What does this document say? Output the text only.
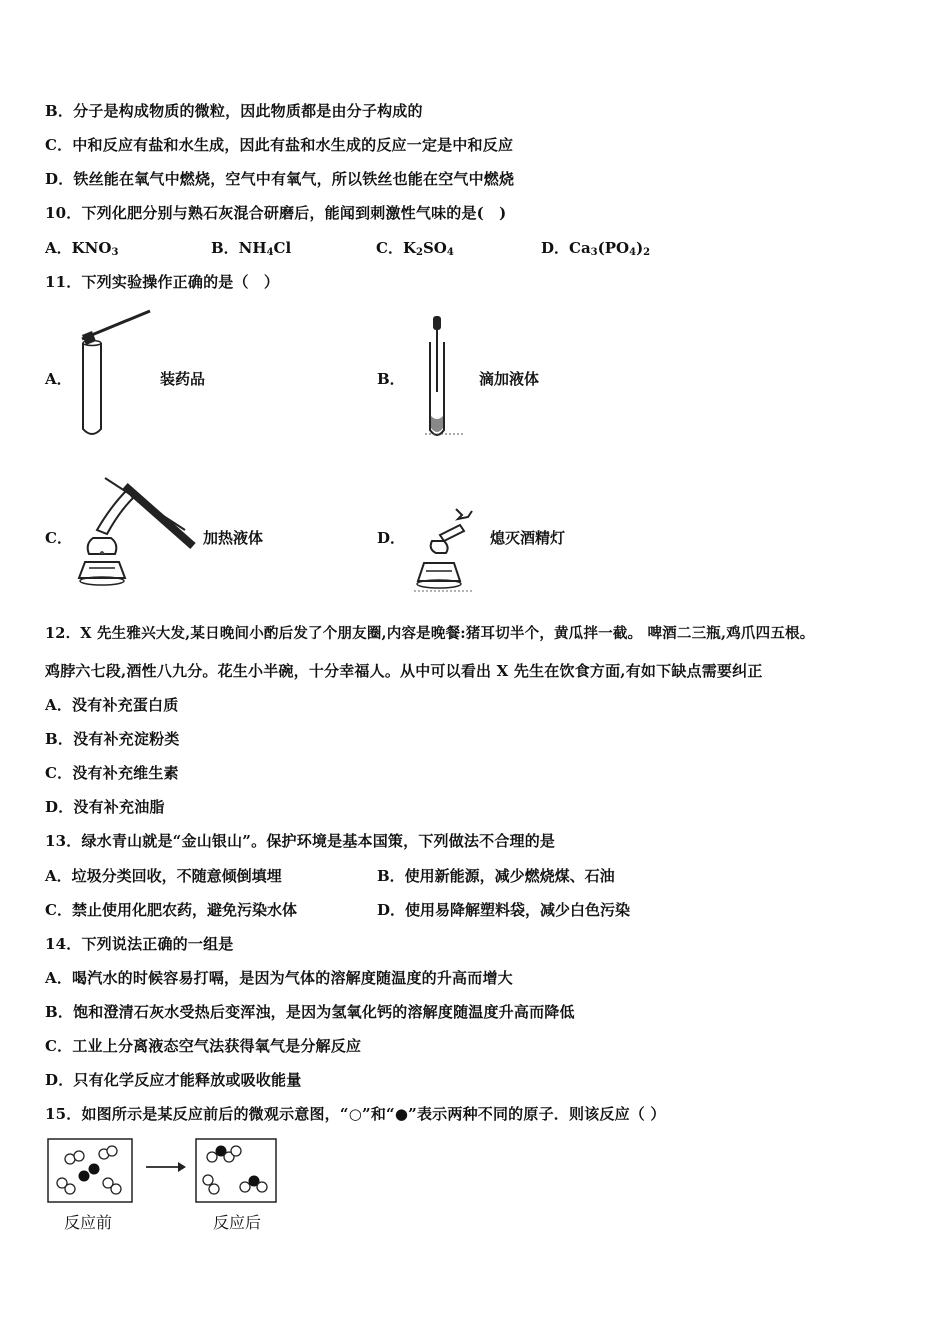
B．分子是构成物质的微粒，因此物质都是由分子构成的
C．中和反应有盐和水生成，因此有盐和水生成的反应一定是中和反应
D．铁丝能在氧气中燃烧，空气中有氧气，所以铁丝也能在空气中燃烧
10．下列化肥分别与熟石灰混合研磨后，能闻到刺激性气味的是(　)
A．$KNO_3$	B．$NH_4Cl$	C．$K_2SO_4$	D．$Ca_3(PO_4)_2$
11．下列实验操作正确的是（　）
A．	装药品	B．	滴加液体
C．	加热液体	D．	熄灭酒精灯
12．X 先生雅兴大发,某日晚间小酌后发了个朋友圈,内容是晚餐:猪耳切半个，黄瓜拌一截。 啤酒二三瓶,鸡爪四五根。
鸡脖六七段,酒性八九分。花生小半碗，十分幸福人。从中可以看出 X 先生在饮食方面,有如下缺点需要纠正
A．没有补充蛋白质
B．没有补充淀粉类
C．没有补充维生素
D．没有补充油脂
13．绿水青山就是“金山银山”。保护环境是基本国策，下列做法不合理的是
A．垃圾分类回收，不随意倾倒填埋	B．使用新能源，减少燃烧煤、石油
C．禁止使用化肥农药，避免污染水体	D．使用易降解塑料袋，减少白色污染
14．下列说法正确的一组是
A．喝汽水的时候容易打嗝，是因为气体的溶解度随温度的升高而增大
B．饱和澄清石灰水受热后变浑浊，是因为氢氧化钙的溶解度随温度升高而降低
C．工业上分离液态空气法获得氧气是分解反应
D．只有化学反应才能释放或吸收能量
15．如图所示是某反应前后的微观示意图，“○”和“●”表示两种不同的原子．则该反应（ ）
反应前	反应后
